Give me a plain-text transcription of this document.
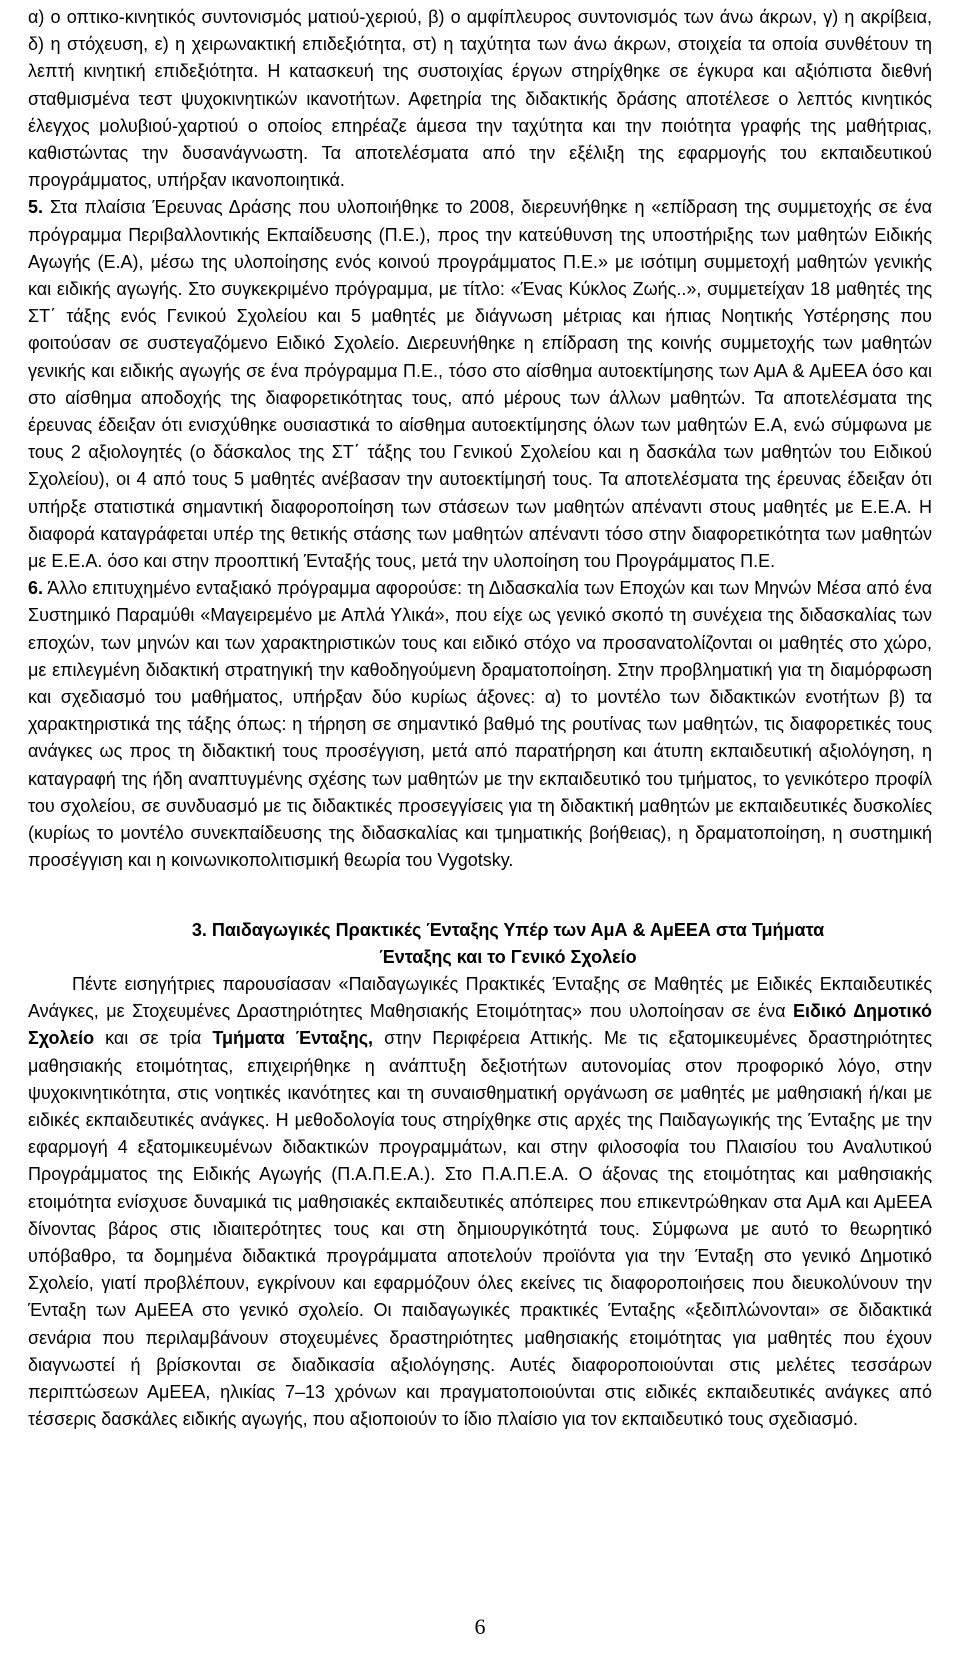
α) ο οπτικο-κινητικός συντονισμός ματιού-χεριού, β) ο αμφίπλευρος συντονισμός των άνω άκρων, γ) η ακρίβεια, δ) η στόχευση, ε) η χειρωνακτική επιδεξιότητα, στ) η ταχύτητα των άνω άκρων, στοιχεία τα οποία συνθέτουν τη λεπτή κινητική επιδεξιότητα. Η κατασκευή της συστοιχίας έργων στηρίχθηκε σε έγκυρα και αξιόπιστα διεθνή σταθμισμένα τεστ ψυχοκινητικών ικανοτήτων. Αφετηρία της διδακτικής δράσης αποτέλεσε ο λεπτός κινητικός έλεγχος μολυβιού-χαρτιού ο οποίος επηρέαζε άμεσα την ταχύτητα και την ποιότητα γραφής της μαθήτριας, καθιστώντας την δυσανάγνωστη. Τα αποτελέσματα από την εξέλιξη της εφαρμογής του εκπαιδευτικού προγράμματος, υπήρξαν ικανοποιητικά.

5. Στα πλαίσια Έρευνας Δράσης που υλοποιήθηκε το 2008, διερευνήθηκε η «επίδραση της συμμετοχής σε ένα πρόγραμμα Περιβαλλοντικής Εκπαίδευσης (Π.Ε.), προς την κατεύθυνση της υποστήριξης των μαθητών Ειδικής Αγωγής (Ε.Α), μέσω της υλοποίησης ενός κοινού προγράμματος Π.Ε.» με ισότιμη συμμετοχή μαθητών γενικής και ειδικής αγωγής. Στο συγκεκριμένο πρόγραμμα, με τίτλο: «Ένας Κύκλος Ζωής..», συμμετείχαν 18 μαθητές της ΣΤ΄ τάξης ενός Γενικού Σχολείου και 5 μαθητές με διάγνωση μέτριας και ήπιας Νοητικής Υστέρησης που φοιτούσαν σε συστεγαζόμενο Ειδικό Σχολείο. Διερευνήθηκε η επίδραση της κοινής συμμετοχής των μαθητών γενικής και ειδικής αγωγής σε ένα πρόγραμμα Π.Ε., τόσο στο αίσθημα αυτοεκτίμησης των ΑμΑ & ΑμΕΕΑ όσο και στο αίσθημα αποδοχής της διαφορετικότητας τους, από μέρους των άλλων μαθητών. Τα αποτελέσματα της έρευνας έδειξαν ότι ενισχύθηκε ουσιαστικά το αίσθημα αυτοεκτίμησης όλων των μαθητών Ε.Α, ενώ σύμφωνα με τους 2 αξιολογητές (ο δάσκαλος της ΣΤ΄ τάξης του Γενικού Σχολείου και η δασκάλα των μαθητών του Ειδικού Σχολείου), οι 4 από τους 5 μαθητές ανέβασαν την αυτοεκτίμησή τους. Τα αποτελέσματα της έρευνας έδειξαν ότι υπήρξε στατιστικά σημαντική διαφοροποίηση των στάσεων των μαθητών απέναντι στους μαθητές με Ε.Ε.Α. Η διαφορά καταγράφεται υπέρ της θετικής στάσης των μαθητών απέναντι τόσο στην διαφορετικότητα των μαθητών με Ε.Ε.Α. όσο και στην προοπτική Ένταξής τους, μετά την υλοποίηση του Προγράμματος Π.Ε.

6. Άλλο επιτυχημένο ενταξιακό πρόγραμμα αφορούσε: τη Διδασκαλία των Εποχών και των Μηνών Μέσα από ένα Συστημικό Παραμύθι «Μαγειρεμένο με Απλά Υλικά», που είχε ως γενικό σκοπό τη συνέχεια της διδασκαλίας των εποχών, των μηνών και των χαρακτηριστικών τους και ειδικό στόχο να προσανατολίζονται οι μαθητές στο χώρο, με επιλεγμένη διδακτική στρατηγική την καθοδηγούμενη δραματοποίηση. Στην προβληματική για τη διαμόρφωση και σχεδιασμό του μαθήματος, υπήρξαν δύο κυρίως άξονες: α) το μοντέλο των διδακτικών ενοτήτων β) τα χαρακτηριστικά της τάξης όπως: η τήρηση σε σημαντικό βαθμό της ρουτίνας των μαθητών, τις διαφορετικές τους ανάγκες ως προς τη διδακτική τους προσέγγιση, μετά από παρατήρηση και άτυπη εκπαιδευτική αξιολόγηση, η καταγραφή της ήδη αναπτυγμένης σχέσης των μαθητών με την εκπαιδευτικό του τμήματος, το γενικότερο προφίλ του σχολείου, σε συνδυασμό με τις διδακτικές προσεγγίσεις για τη διδακτική μαθητών με εκπαιδευτικές δυσκολίες (κυρίως το μοντέλο συνεκπαίδευσης της διδασκαλίας και τμηματικής βοήθειας), η δραματοποίηση, η συστημική προσέγγιση και η κοινωνικοπολιτισμική θεωρία του Vygotsky.

3. Παιδαγωγικές Πρακτικές Ένταξης Υπέρ των ΑμΑ & ΑμΕΕΑ στα Τμήματα
Ένταξης και το Γενικό Σχολείο

Πέντε εισηγήτριες παρουσίασαν «Παιδαγωγικές Πρακτικές Ένταξης σε Μαθητές με Ειδικές Εκπαιδευτικές Ανάγκες, με Στοχευμένες Δραστηριότητες Μαθησιακής Ετοιμότητας» που υλοποίησαν σε ένα Ειδικό Δημοτικό Σχολείο και σε τρία Τμήματα Ένταξης, στην Περιφέρεια Αττικής. Με τις εξατομικευμένες δραστηριότητες μαθησιακής ετοιμότητας, επιχειρήθηκε η ανάπτυξη δεξιοτήτων αυτονομίας στον προφορικό λόγο, στην ψυχοκινητικότητα, στις νοητικές ικανότητες και τη συναισθηματική οργάνωση σε μαθητές με μαθησιακή ή/και με ειδικές εκπαιδευτικές ανάγκες. Η μεθοδολογία τους στηρίχθηκε στις αρχές της Παιδαγωγικής της Ένταξης με την εφαρμογή 4 εξατομικευμένων διδακτικών προγραμμάτων, και στην φιλοσοφία του Πλαισίου του Αναλυτικού Προγράμματος της Ειδικής Αγωγής (Π.Α.Π.Ε.Α.). Στο Π.Α.Π.Ε.Α. Ο άξονας της ετοιμότητας και μαθησιακής ετοιμότητα ενίσχυσε δυναμικά τις μαθησιακές εκπαιδευτικές απόπειρες που επικεντρώθηκαν στα ΑμΑ και ΑμΕΕΑ δίνοντας βάρος στις ιδιαιτερότητες τους και στη δημιουργικότητά τους. Σύμφωνα με αυτό το θεωρητικό υπόβαθρο, τα δομημένα διδακτικά προγράμματα αποτελούν προϊόντα για την Ένταξη στο γενικό Δημοτικό Σχολείο, γιατί προβλέπουν, εγκρίνουν και εφαρμόζουν όλες εκείνες τις διαφοροποιήσεις που διευκολύνουν την Ένταξη των ΑμΕΕΑ στο γενικό σχολείο. Οι παιδαγωγικές πρακτικές Ένταξης «ξεδιπλώνονται» σε διδακτικά σενάρια που περιλαμβάνουν στοχευμένες δραστηριότητες μαθησιακής ετοιμότητας για μαθητές που έχουν διαγνωστεί ή βρίσκονται σε διαδικασία αξιολόγησης. Αυτές διαφοροποιούνται στις μελέτες τεσσάρων περιπτώσεων ΑμΕΕΑ, ηλικίας 7–13 χρόνων και πραγματοποιούνται στις ειδικές εκπαιδευτικές ανάγκες από τέσσερις δασκάλες ειδικής αγωγής, που αξιοποιούν το ίδιο πλαίσιο για τον εκπαιδευτικό τους σχεδιασμό.

6
